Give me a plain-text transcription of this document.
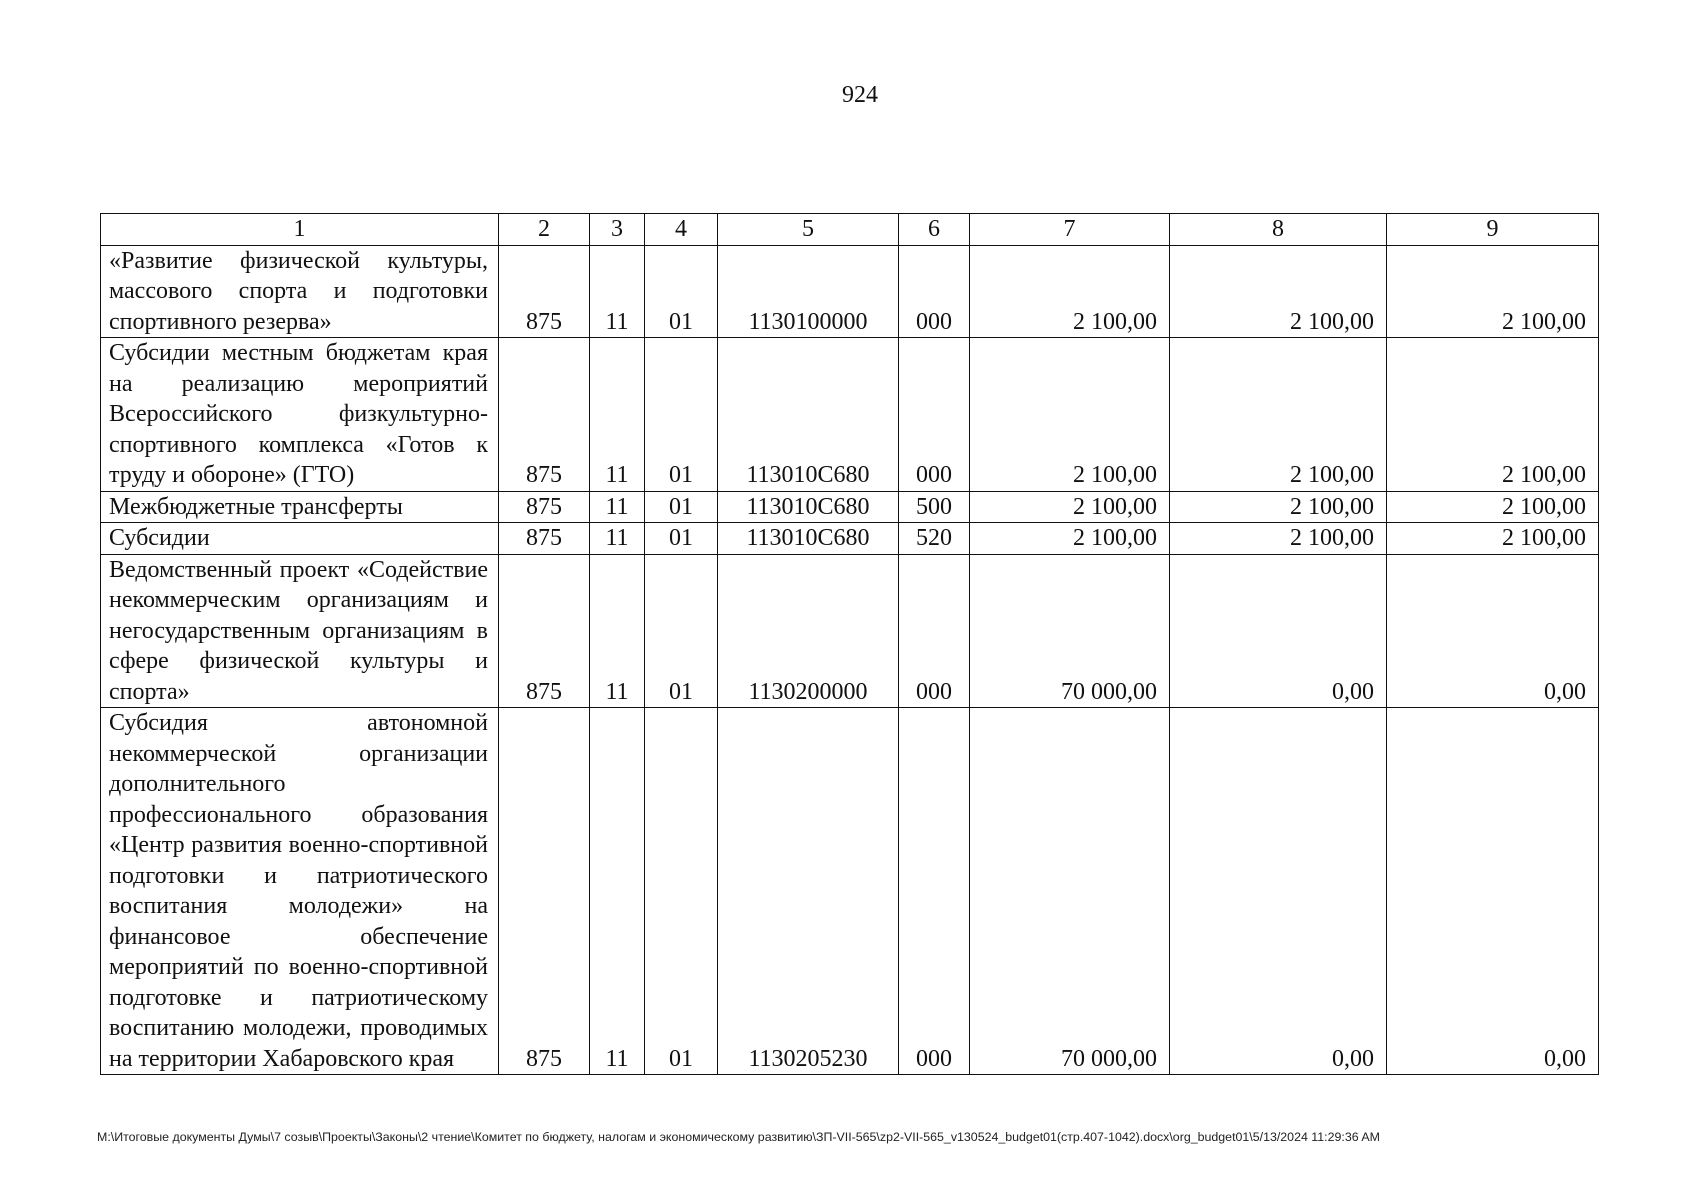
924
1	2	3	4	5	6	7	8	9
«Развитие физической культуры, массового спорта и подготовки спортивного резерва»	875	11	01	1130100000	000	2 100,00	2 100,00	2 100,00
Субсидии местным бюджетам края на реализацию мероприятий Всероссийского физкультурно-спортивного комплекса «Готов к труду и обороне» (ГТО)	875	11	01	113010С680	000	2 100,00	2 100,00	2 100,00
Межбюджетные трансферты	875	11	01	113010С680	500	2 100,00	2 100,00	2 100,00
Субсидии	875	11	01	113010С680	520	2 100,00	2 100,00	2 100,00
Ведомственный проект «Содействие некоммерческим организациям и негосударственным организациям в сфере физической культуры и спорта»	875	11	01	1130200000	000	70 000,00	0,00	0,00
Субсидия автономной некоммерческой организации дополнительного профессионального образования «Центр развития военно-спортивной подготовки и патриотического воспитания молодежи» на финансовое обеспечение мероприятий по военно-спортивной подготовке и патриотическому воспитанию молодежи, проводимых на территории Хабаровского края	875	11	01	1130205230	000	70 000,00	0,00	0,00
M:\Итоговые документы Думы\7 созыв\Проекты\Законы\2 чтение\Комитет по бюджету, налогам и экономическому развитию\ЗП-VII-565\zp2-VII-565_v130524_budget01(стр.407-1042).docx\org_budget01\5/13/2024 11:29:36 AM
